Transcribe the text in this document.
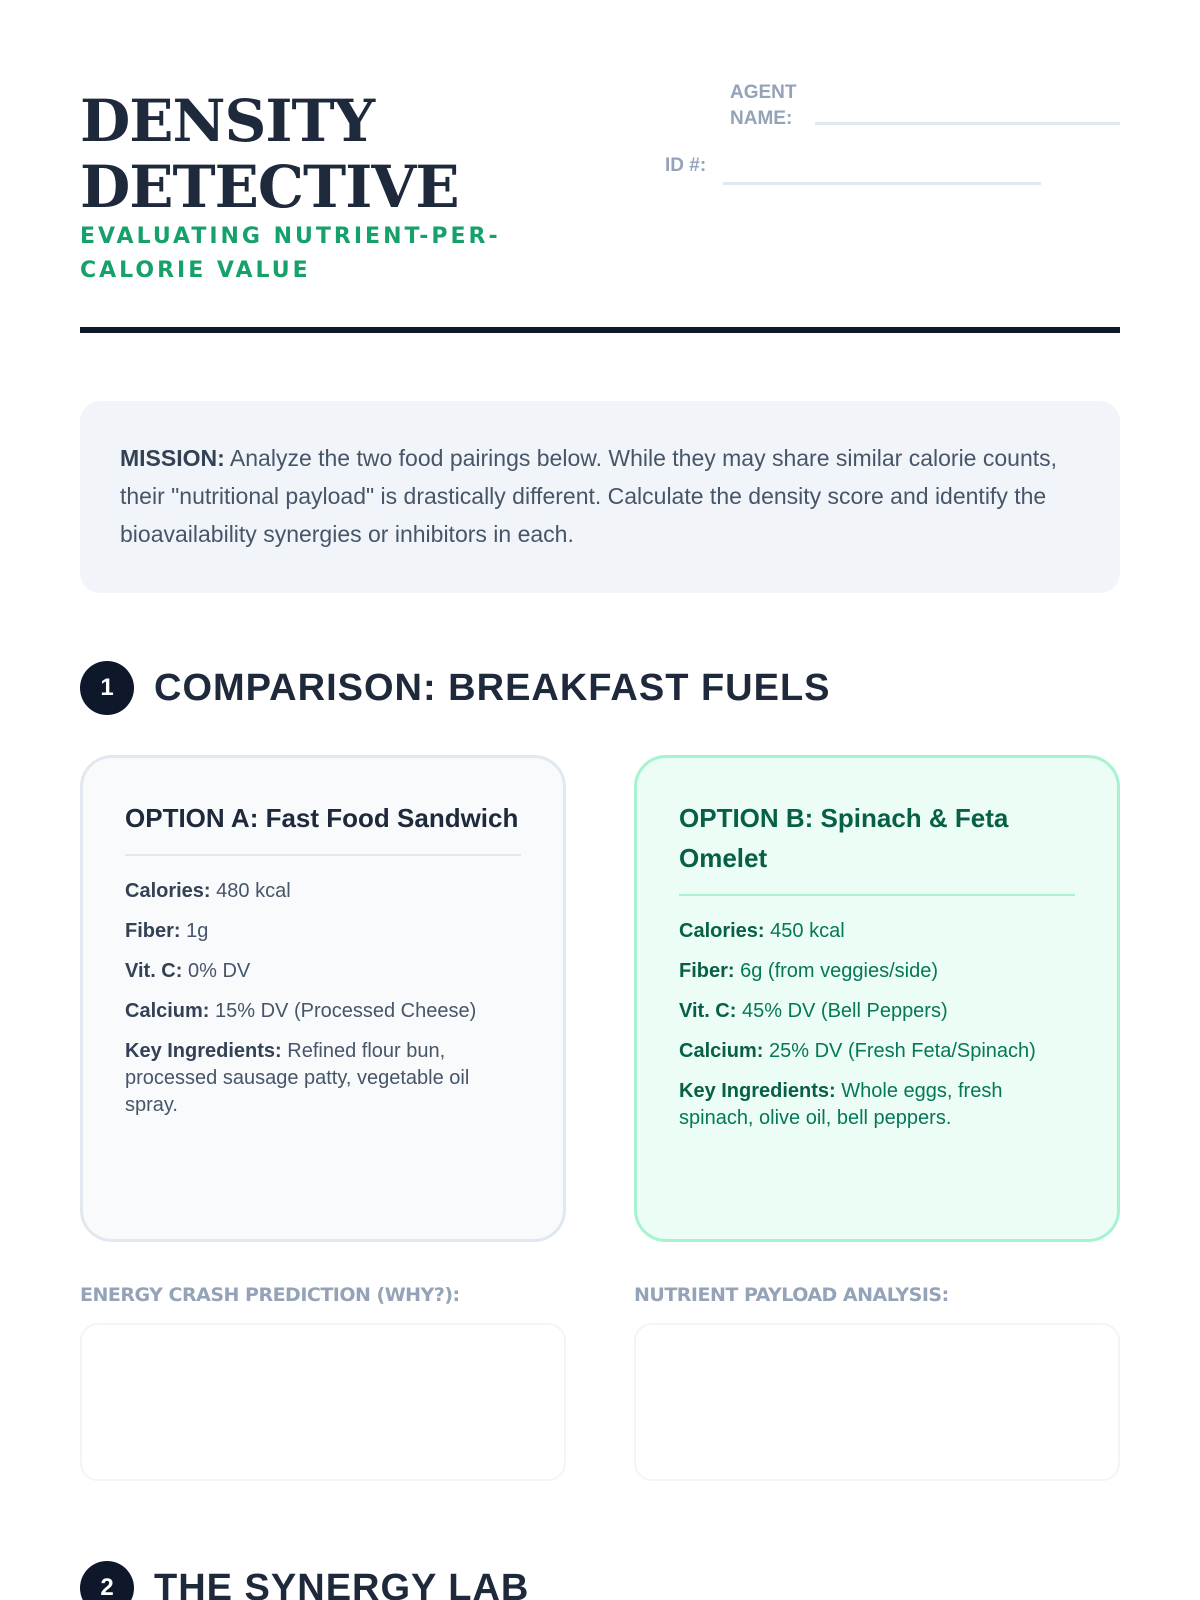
DENSITY DETECTIVE
EVALUATING NUTRIENT-PER-CALORIE VALUE
AGENT NAME:
ID #:
MISSION: Analyze the two food pairings below. While they may share similar calorie counts, their "nutritional payload" is drastically different. Calculate the density score and identify the bioavailability synergies or inhibitors in each.
1	COMPARISON: BREAKFAST FUELS
OPTION A: Fast Food Sandwich
Calories: 480 kcal
Fiber: 1g
Vit. C: 0% DV
Calcium: 15% DV (Processed Cheese)
Key Ingredients: Refined flour bun, processed sausage patty, vegetable oil spray.
OPTION B: Spinach & Feta Omelet
Calories: 450 kcal
Fiber: 6g (from veggies/side)
Vit. C: 45% DV (Bell Peppers)
Calcium: 25% DV (Fresh Feta/Spinach)
Key Ingredients: Whole eggs, fresh spinach, olive oil, bell peppers.
ENERGY CRASH PREDICTION (WHY?):	NUTRIENT PAYLOAD ANALYSIS:
2	THE SYNERGY LAB
